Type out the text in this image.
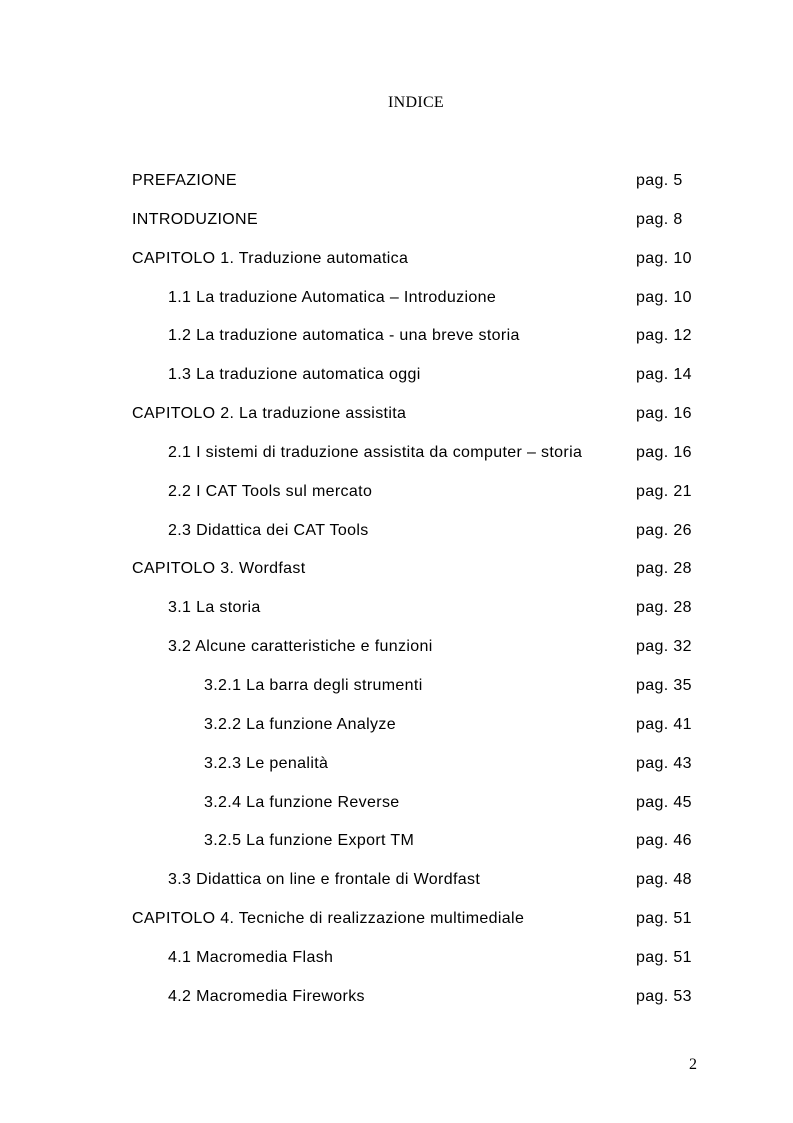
INDICE
PREFAZIONE	pag. 5
INTRODUZIONE	pag. 8
CAPITOLO 1. Traduzione automatica	pag. 10
1.1 La traduzione Automatica – Introduzione	pag. 10
1.2 La traduzione automatica - una breve storia	pag. 12
1.3 La traduzione automatica oggi	pag. 14
CAPITOLO 2. La traduzione assistita	pag. 16
2.1 I sistemi di traduzione assistita da computer – storia	pag. 16
2.2 I CAT Tools sul mercato	pag. 21
2.3 Didattica dei CAT Tools	pag. 26
CAPITOLO 3. Wordfast	pag. 28
3.1 La storia	pag. 28
3.2 Alcune caratteristiche e funzioni	pag. 32
3.2.1 La barra degli strumenti	pag. 35
3.2.2 La funzione Analyze	pag. 41
3.2.3 Le penalità	pag. 43
3.2.4 La funzione Reverse	pag. 45
3.2.5 La funzione Export TM	pag. 46
3.3 Didattica on line e frontale di Wordfast	pag. 48
CAPITOLO 4. Tecniche di realizzazione multimediale	pag. 51
4.1 Macromedia Flash	pag. 51
4.2 Macromedia Fireworks	pag. 53
2
